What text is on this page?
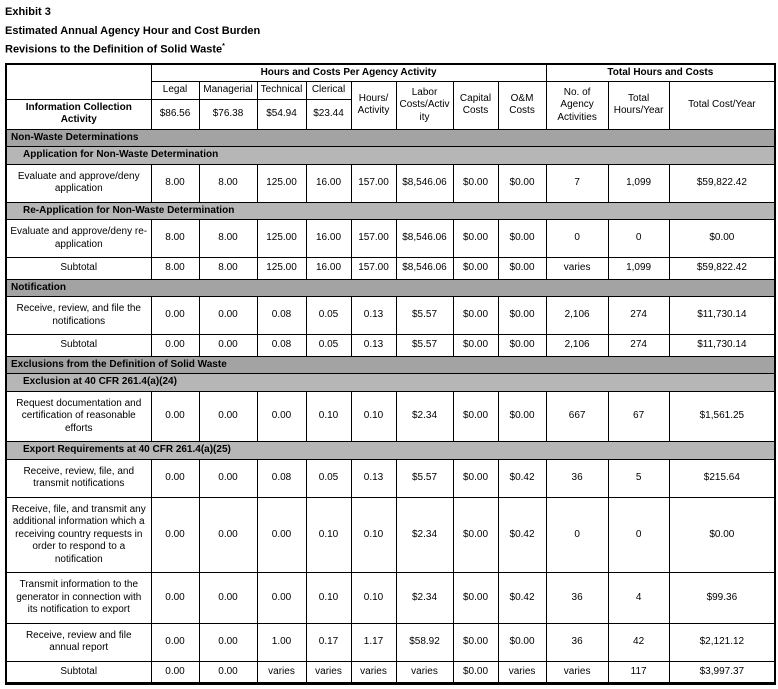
Exhibit 3
Estimated Annual Agency Hour and Cost Burden
Revisions to the Definition of Solid Waste*
	Hours and Costs Per Agency Activity								Total Hours and Costs		
	Legal	Managerial	Technical	Clerical	Hours/ Activity	Labor Costs/Activity	Capital Costs	O&M Costs	No. of Agency Activities	Total Hours/Year	Total Cost/Year
Information Collection Activity	$86.56	$76.38	$54.94	$23.44							
Non-Waste Determinations											
Application for Non-Waste Determination											
Evaluate and approve/deny application	8.00	8.00	125.00	16.00	157.00	$8,546.06	$0.00	$0.00	7	1,099	$59,822.42
Re-Application for Non-Waste Determination											
Evaluate and approve/deny re-application	8.00	8.00	125.00	16.00	157.00	$8,546.06	$0.00	$0.00	0	0	$0.00
Subtotal	8.00	8.00	125.00	16.00	157.00	$8,546.06	$0.00	$0.00	varies	1,099	$59,822.42
Notification											
Receive, review, and file the notifications	0.00	0.00	0.08	0.05	0.13	$5.57	$0.00	$0.00	2,106	274	$11,730.14
Subtotal	0.00	0.00	0.08	0.05	0.13	$5.57	$0.00	$0.00	2,106	274	$11,730.14
Exclusions from the Definition of Solid Waste											
Exclusion at 40 CFR 261.4(a)(24)											
Request documentation and certification of reasonable efforts	0.00	0.00	0.00	0.10	0.10	$2.34	$0.00	$0.00	667	67	$1,561.25
Export Requirements at 40 CFR 261.4(a)(25)											
Receive, review, file, and transmit notifications	0.00	0.00	0.08	0.05	0.13	$5.57	$0.00	$0.42	36	5	$215.64
Receive, file, and transmit any additional information which a receiving country requests in order to respond to a notification	0.00	0.00	0.00	0.10	0.10	$2.34	$0.00	$0.42	0	0	$0.00
Transmit information to the generator in connection with its notification to export	0.00	0.00	0.00	0.10	0.10	$2.34	$0.00	$0.42	36	4	$99.36
Receive, review and file annual report	0.00	0.00	1.00	0.17	1.17	$58.92	$0.00	$0.00	36	42	$2,121.12
Subtotal	0.00	0.00	varies	varies	varies	varies	$0.00	varies	varies	117	$3,997.37
